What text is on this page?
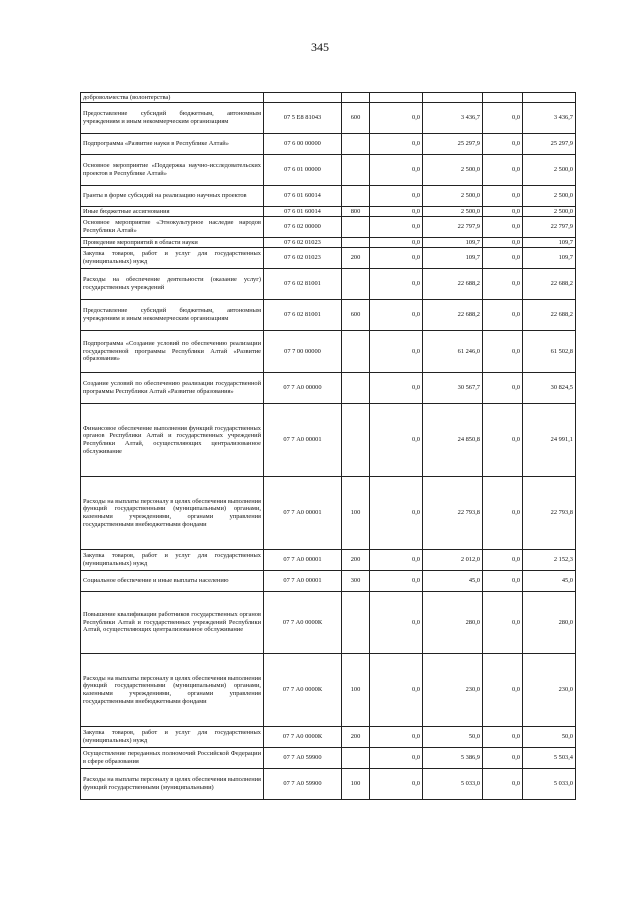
345
добровольчества (волонтерства)						
Предоставление субсидий бюджетным, автономным учреждениям и иным некоммерческим организациям	07 5 E8 81043	600	0,0	3 436,7	0,0	3 436,7
Подпрограмма «Развитие науки в Республике Алтай»	07 6 00 00000		0,0	25 297,9	0,0	25 297,9
Основное мероприятие «Поддержка научно-исследовательских проектов в Республике Алтай»	07 6 01 00000		0,0	2 500,0	0,0	2 500,0
Гранты в форме субсидий на реализацию научных проектов	07 6 01 60014		0,0	2 500,0	0,0	2 500,0
Иные бюджетные ассигнования	07 6 01 60014	800	0,0	2 500,0	0,0	2 500,0
Основное мероприятие «Этнокультурное наследие народов Республики Алтай»	07 6 02 00000		0,0	22 797,9	0,0	22 797,9
Проведение мероприятий в области науки	07 6 02 01023		0,0	109,7	0,0	109,7
Закупка товаров, работ и услуг для государственных (муниципальных) нужд	07 6 02 01023	200	0,0	109,7	0,0	109,7
Расходы на обеспечение деятельности (оказание услуг) государственных учреждений	07 6 02 81001		0,0	22 688,2	0,0	22 688,2
Предоставление субсидий бюджетным, автономным учреждениям и иным некоммерческим организациям	07 6 02 81001	600	0,0	22 688,2	0,0	22 688,2
Подпрограмма «Создание условий по обеспечению реализации государственной программы Республики Алтай «Развитие образования»	07 7 00 00000		0,0	61 246,0	0,0	61 502,8
Создание условий по обеспечению реализации государственной программы Республики Алтай «Развитие образования»	07 7 А0 00000		0,0	30 567,7	0,0	30 824,5
Финансовое обеспечение выполнения функций государственных органов Республики Алтай и государственных учреждений Республики Алтай, осуществляющих централизованное обслуживание	07 7 А0 00001		0,0	24 850,8	0,0	24 991,1
Расходы на выплаты персоналу в целях обеспечения выполнения функций государственными (муниципальными) органами, казенными учреждениями, органами управления государственными внебюджетными фондами	07 7 А0 00001	100	0,0	22 793,8	0,0	22 793,8
Закупка товаров, работ и услуг для государственных (муниципальных) нужд	07 7 А0 00001	200	0,0	2 012,0	0,0	2 152,3
Социальное обеспечение и иные выплаты населению	07 7 А0 00001	300	0,0	45,0	0,0	45,0
Повышение квалификации работников государственных органов Республики Алтай и государственных учреждений Республики Алтай, осуществляющих централизованное обслуживание	07 7 А0 0000К		0,0	280,0	0,0	280,0
Расходы на выплаты персоналу в целях обеспечения выполнения функций государственными (муниципальными) органами, казенными учреждениями, органами управления государственными внебюджетными фондами	07 7 А0 0000К	100	0,0	230,0	0,0	230,0
Закупка товаров, работ и услуг для государственных (муниципальных) нужд	07 7 А0 0000К	200	0,0	50,0	0,0	50,0
Осуществление переданных полномочий Российской Федерации в сфере образования	07 7 А0 59900		0,0	5 386,9	0,0	5 503,4
Расходы на выплаты персоналу в целях обеспечения выполнения функций государственными (муниципальными)	07 7 А0 59900	100	0,0	5 033,0	0,0	5 033,0
